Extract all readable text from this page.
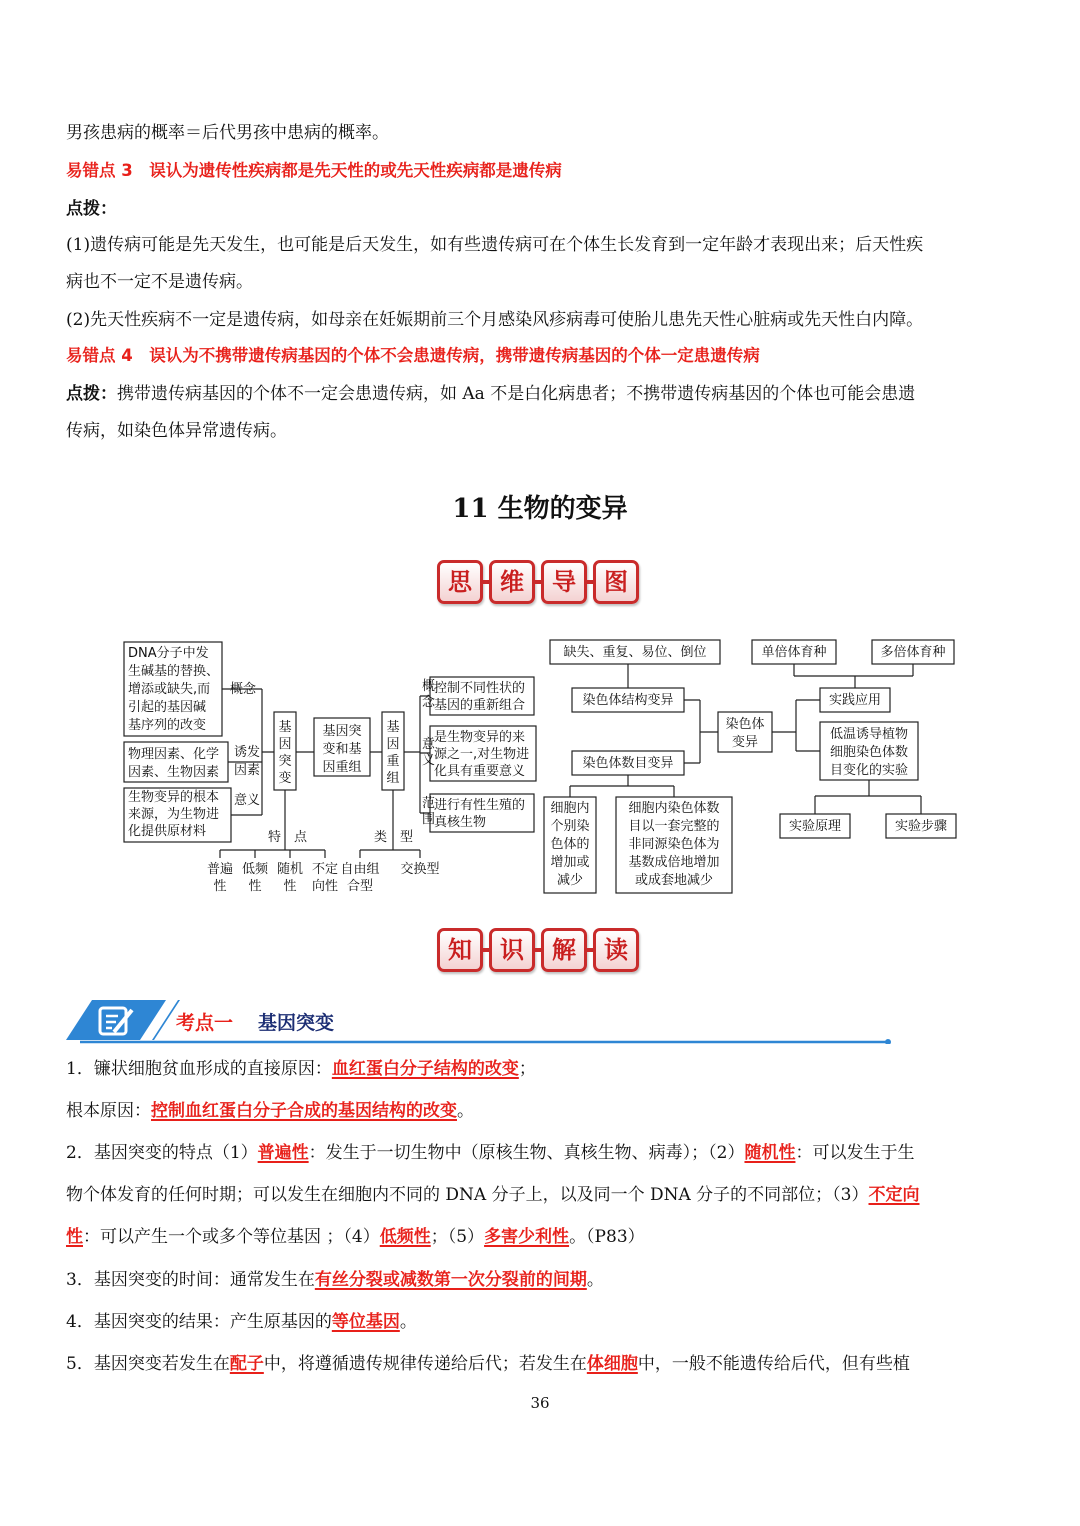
男孩患病的概率＝后代男孩中患病的概率。
易错点 3　误认为遗传性疾病都是先天性的或先天性疾病都是遗传病
点拨：
(1)遗传病可能是先天发生，也可能是后天发生，如有些遗传病可在个体生长发育到一定年龄才表现出来；后天性疾
病也不一定不是遗传病。
(2)先天性疾病不一定是遗传病，如母亲在妊娠期前三个月感染风疹病毒可使胎儿患先天性心脏病或先天性白内障。
易错点 4　误认为不携带遗传病基因的个体不会患遗传病，携带遗传病基因的个体一定患遗传病
点拨：携带遗传病基因的个体不一定会患遗传病，如 Aa 不是白化病患者；不携带遗传病基因的个体也可能会患遗
传病，如染色体异常遗传病。
11 生物的变异
思	维	导	图
DNA分子中发
生碱基的替换、
增添或缺失,而
引起的基因碱
基序列的改变
概念
物理因素、化学
因素、生物因素
诱发
因素
生物变异的根本
来源，为生物进
化提供原材料
意义
基
因
突
变
特　点
普遍
性
低频
性
随机
性
不定
向性
基因突
变和基
因重组
基
因
重
组
类　型
自由组
合型
交换型
概
念
意
义
范
围
控制不同性状的
基因的重新组合
是生物变异的来
源之一,对生物进
化具有重要意义
进行有性生殖的
真核生物
缺失、重复、易位、倒位
染色体结构变异
染色体数目变异
染色体
变异
细胞内
个别染
色体的
增加或
减少
细胞内染色体数
目以一套完整的
非同源染色体为
基数成倍地增加
或成套地减少
单倍体育种	多倍体育种
实践应用
低温诱导植物
细胞染色体数
目变化的实验
实验原理	实验步骤
知	识	解	读
考点一 基因突变
1．镰状细胞贫血形成的直接原因：血红蛋白分子结构的改变；
根本原因：控制血红蛋白分子合成的基因结构的改变。
2．基因突变的特点（1）普遍性：发生于一切生物中（原核生物、真核生物、病毒）；（2）随机性：可以发生于生
物个体发育的任何时期；可以发生在细胞内不同的 DNA 分子上，以及同一个 DNA 分子的不同部位；（3）不定向
性：可以产生一个或多个等位基因 ；（4）低频性；（5）多害少利性。（P83）
3．基因突变的时间：通常发生在有丝分裂或减数第一次分裂前的间期。
4．基因突变的结果：产生原基因的等位基因。
5．基因突变若发生在配子中，将遵循遗传规律传递给后代；若发生在体细胞中，一般不能遗传给后代，但有些植
36
